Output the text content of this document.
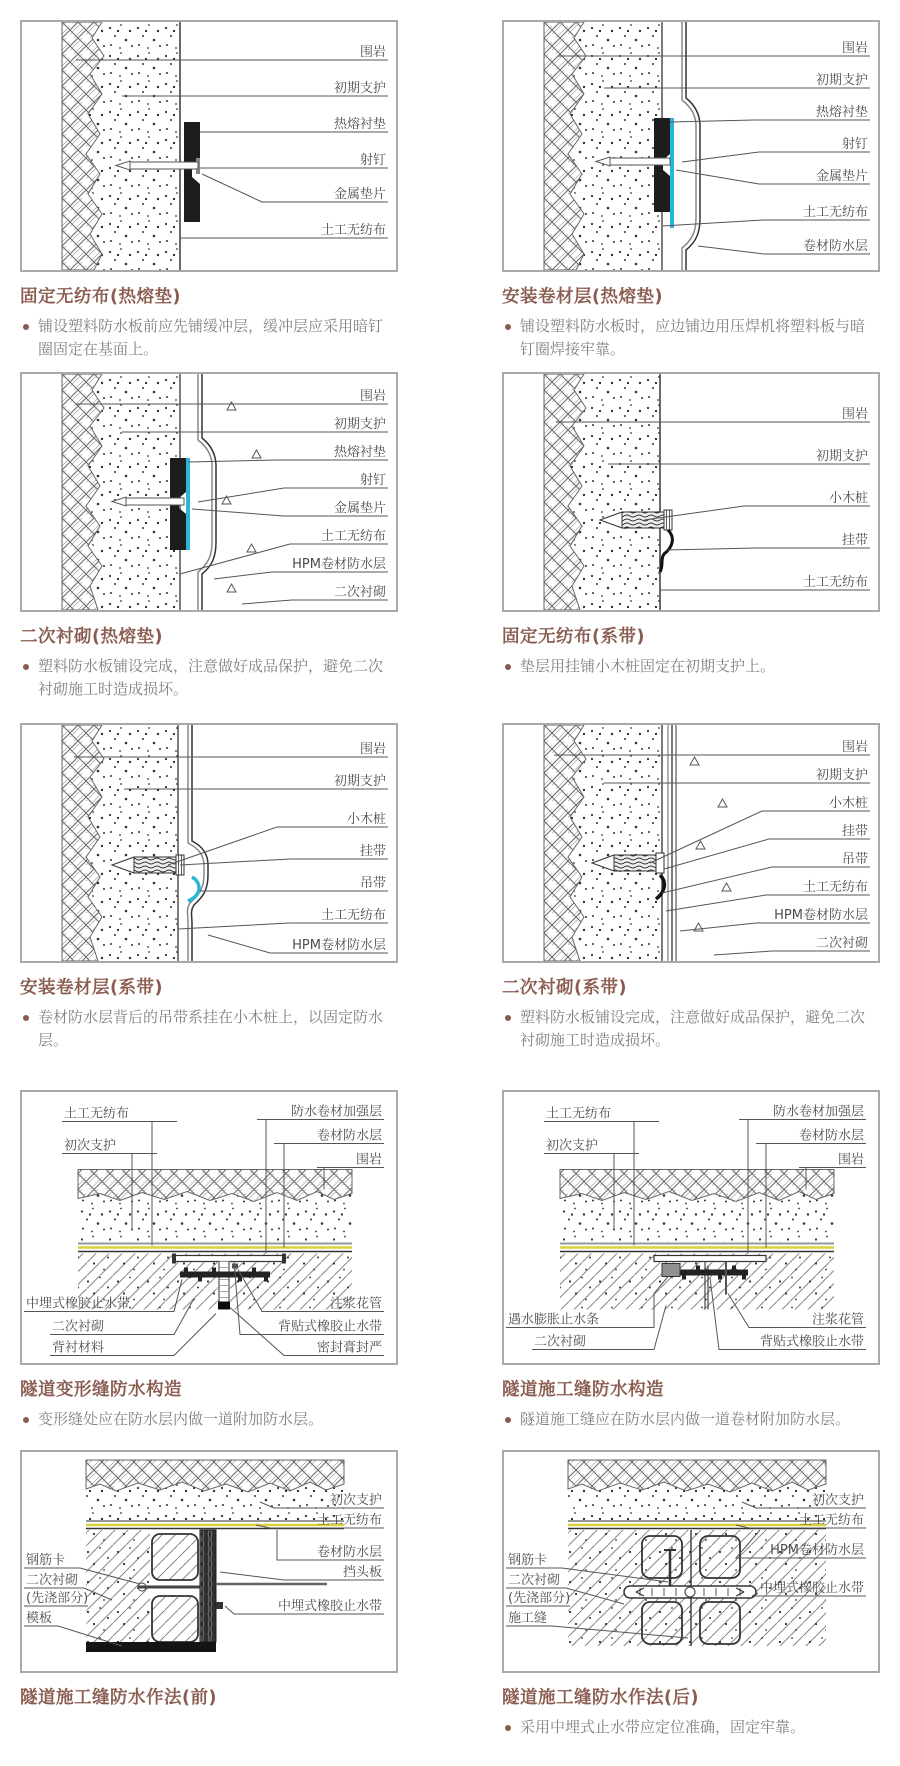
围岩
初期支护
热熔衬垫
射钉
金属垫片
土工无纺布
固定无纺布(热熔垫)

铺设塑料防水板前应先铺缓冲层，缓冲层应采用暗钉圈固定在基面上。

围岩
初期支护
热熔衬垫
射钉
金属垫片
土工无纺布
卷材防水层
安装卷材层(热熔垫)

铺设塑料防水板时，应边铺边用压焊机将塑料板与暗钉圈焊接牢靠。

围岩
初期支护
热熔衬垫
射钉
金属垫片
土工无纺布
HPM卷材防水层
二次衬砌
二次衬砌(热熔垫)

塑料防水板铺设完成，注意做好成品保护，避免二次衬砌施工时造成损坏。

围岩
初期支护
小木桩
挂带
土工无纺布
固定无纺布(系带)

垫层用挂铺小木桩固定在初期支护上。

围岩
初期支护
小木桩
挂带
吊带
土工无纺布
HPM卷材防水层
安装卷材层(系带)

卷材防水层背后的吊带系挂在小木桩上，以固定防水层。

围岩
初期支护
小木桩
挂带
吊带
土工无纺布
HPM卷材防水层
二次衬砌
二次衬砌(系带)

塑料防水板铺设完成，注意做好成品保护，避免二次衬砌施工时造成损坏。

土工无纺布
初次支护
防水卷材加强层
卷材防水层
围岩
中埋式橡胶止水带
二次衬砌
背衬材料
注浆花管
背贴式橡胶止水带
密封膏封严
隧道变形缝防水构造

变形缝处应在防水层内做一道附加防水层。

土工无纺布
初次支护
防水卷材加强层
卷材防水层
围岩
遇水膨胀止水条
二次衬砌
注浆花管
背贴式橡胶止水带
隧道施工缝防水构造

隧道施工缝应在防水层内做一道卷材附加防水层。

钢筋卡
二次衬砌
(先浇部分)
模板
初次支护
土工无纺布
卷材防水层
挡头板
中埋式橡胶止水带
隧道施工缝防水作法(前)
钢筋卡
二次衬砌
(先浇部分)
施工缝
初次支护
土工无纺布
HPM卷材防水层
中埋式橡胶止水带
隧道施工缝防水作法(后)

采用中埋式止水带应定位准确，固定牢靠。
